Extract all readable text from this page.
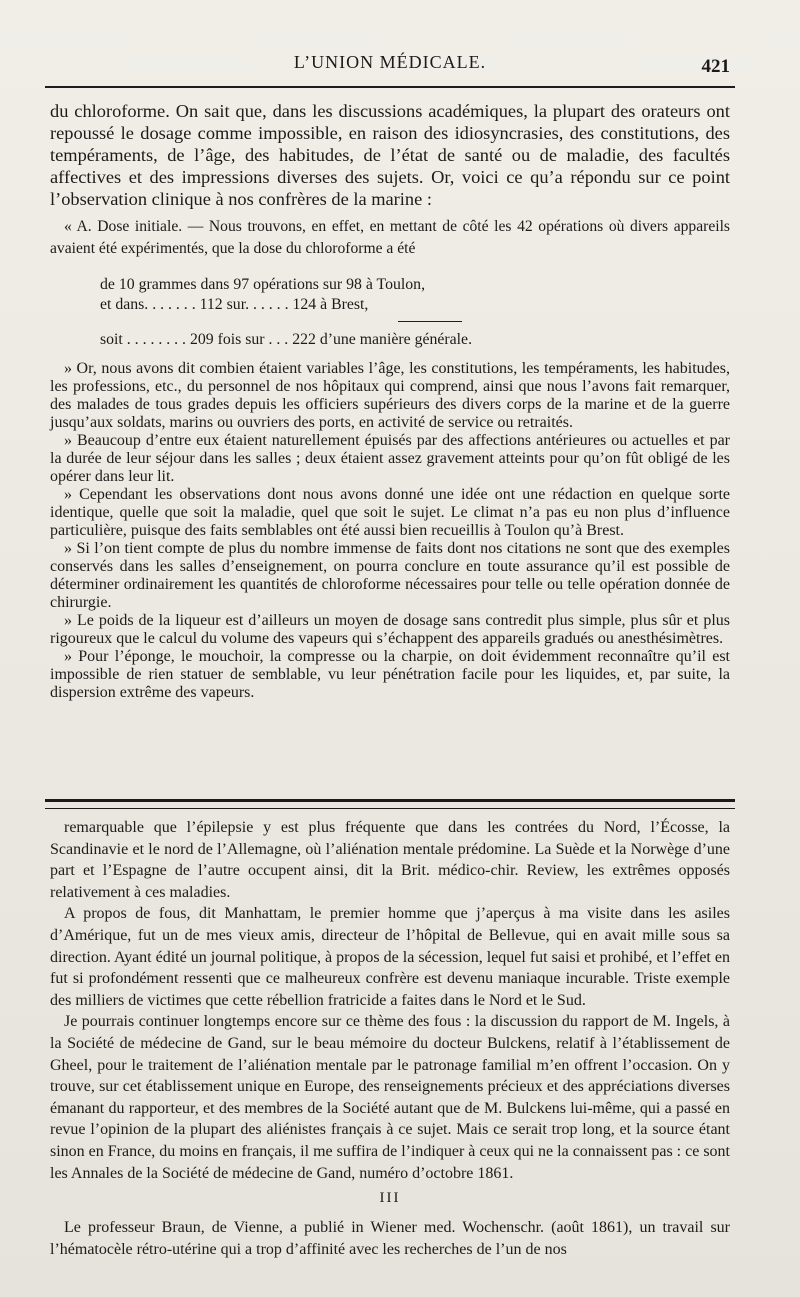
L’UNION MÉDICALE.	421

du chloroforme. On sait que, dans les discussions académiques, la plupart des orateurs ont repoussé le dosage comme impossible, en raison des idiosyncrasies, des constitutions, des tempéraments, de l’âge, des habitudes, de l’état de santé ou de maladie, des facultés affectives et des impressions diverses des sujets. Or, voici ce qu’a répondu sur ce point l’observation clinique à nos confrères de la marine :

« A. Dose initiale. — Nous trouvons, en effet, en mettant de côté les 42 opérations où divers appareils avaient été expérimentés, que la dose du chloroforme a été

de 10 grammes dans 97 opérations sur 98 à Toulon,
et dans. . . . . . . 112 sur. . . . . . 124 à Brest,
soit . . . . . . . . 209 fois sur . . . 222 d’une manière générale.

» Or, nous avons dit combien étaient variables l’âge, les constitutions, les tempéraments, les habitudes, les professions, etc., du personnel de nos hôpitaux qui comprend, ainsi que nous l’avons fait remarquer, des malades de tous grades depuis les officiers supérieurs des divers corps de la marine et de la guerre jusqu’aux soldats, marins ou ouvriers des ports, en activité de service ou retraités.

» Beaucoup d’entre eux étaient naturellement épuisés par des affections antérieures ou actuelles et par la durée de leur séjour dans les salles ; deux étaient assez gravement atteints pour qu’on fût obligé de les opérer dans leur lit.

» Cependant les observations dont nous avons donné une idée ont une rédaction en quelque sorte identique, quelle que soit la maladie, quel que soit le sujet. Le climat n’a pas eu non plus d’influence particulière, puisque des faits semblables ont été aussi bien recueillis à Toulon qu’à Brest.

» Si l’on tient compte de plus du nombre immense de faits dont nos citations ne sont que des exemples conservés dans les salles d’enseignement, on pourra conclure en toute assurance qu’il est possible de déterminer ordinairement les quantités de chloroforme nécessaires pour telle ou telle opération donnée de chirurgie.

» Le poids de la liqueur est d’ailleurs un moyen de dosage sans contredit plus simple, plus sûr et plus rigoureux que le calcul du volume des vapeurs qui s’échappent des appareils gradués ou anesthésimètres.

» Pour l’éponge, le mouchoir, la compresse ou la charpie, on doit évidemment reconnaître qu’il est impossible de rien statuer de semblable, vu leur pénétration facile pour les liquides, et, par suite, la dispersion extrême des vapeurs.

remarquable que l’épilepsie y est plus fréquente que dans les contrées du Nord, l’Écosse, la Scandinavie et le nord de l’Allemagne, où l’aliénation mentale prédomine. La Suède et la Norwège d’une part et l’Espagne de l’autre occupent ainsi, dit la Brit. médico-chir. Review, les extrêmes opposés relativement à ces maladies.

A propos de fous, dit Manhattam, le premier homme que j’aperçus à ma visite dans les asiles d’Amérique, fut un de mes vieux amis, directeur de l’hôpital de Bellevue, qui en avait mille sous sa direction. Ayant édité un journal politique, à propos de la sécession, lequel fut saisi et prohibé, et l’effet en fut si profondément ressenti que ce malheureux confrère est devenu maniaque incurable. Triste exemple des milliers de victimes que cette rébellion fratricide a faites dans le Nord et le Sud.

Je pourrais continuer longtemps encore sur ce thème des fous : la discussion du rapport de M. Ingels, à la Société de médecine de Gand, sur le beau mémoire du docteur Bulckens, relatif à l’établissement de Gheel, pour le traitement de l’aliénation mentale par le patronage familial m’en offrent l’occasion. On y trouve, sur cet établissement unique en Europe, des renseignements précieux et des appréciations diverses émanant du rapporteur, et des membres de la Société autant que de M. Bulckens lui-même, qui a passé en revue l’opinion de la plupart des aliénistes français à ce sujet. Mais ce serait trop long, et la source étant sinon en France, du moins en français, il me suffira de l’indiquer à ceux qui ne la connaissent pas : ce sont les Annales de la Société de médecine de Gand, numéro d’octobre 1861.

III

Le professeur Braun, de Vienne, a publié in Wiener med. Wochenschr. (août 1861), un travail sur l’hématocèle rétro-utérine qui a trop d’affinité avec les recherches de l’un de nos
